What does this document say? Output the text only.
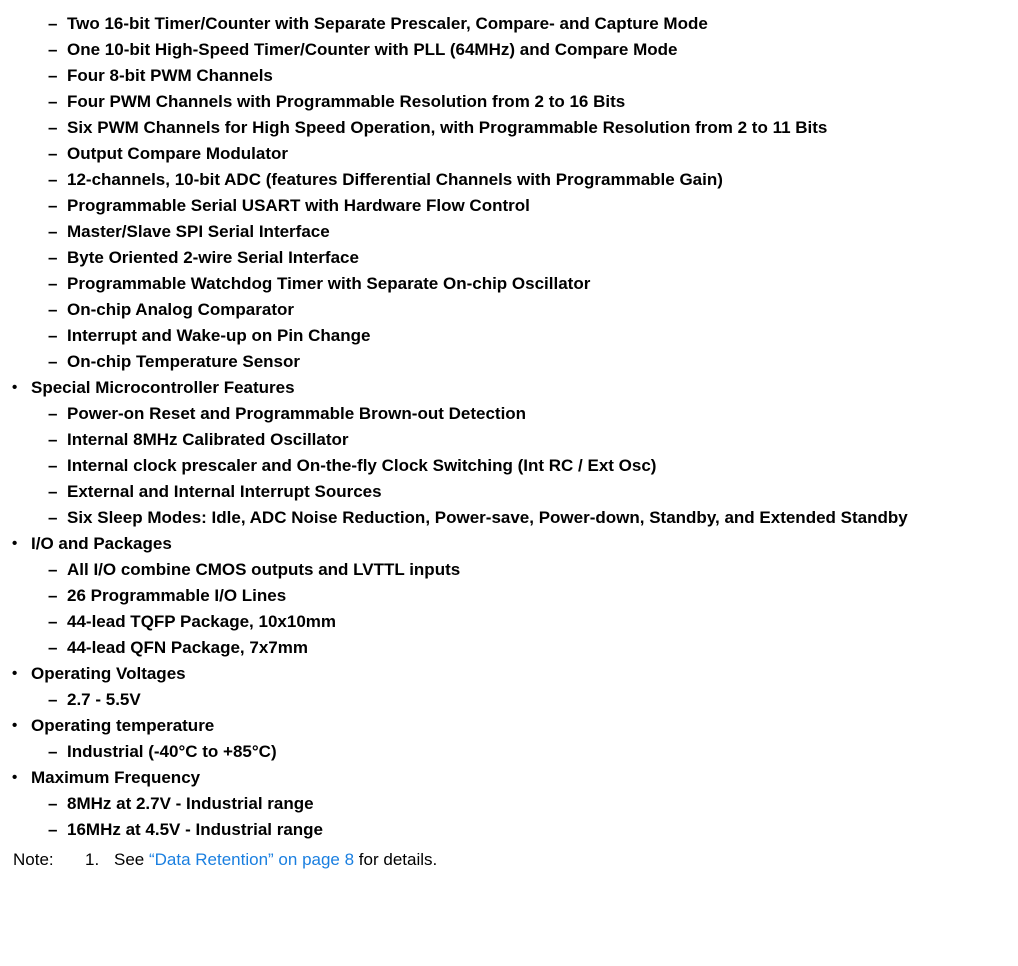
– Two 16-bit Timer/Counter with Separate Prescaler, Compare- and Capture Mode
– One 10-bit High-Speed Timer/Counter with PLL (64MHz) and Compare Mode
– Four 8-bit PWM Channels
– Four PWM Channels with Programmable Resolution from 2 to 16 Bits
– Six PWM Channels for High Speed Operation, with Programmable Resolution from 2 to 11 Bits
– Output Compare Modulator
– 12-channels, 10-bit ADC (features Differential Channels with Programmable Gain)
– Programmable Serial USART with Hardware Flow Control
– Master/Slave SPI Serial Interface
– Byte Oriented 2-wire Serial Interface
– Programmable Watchdog Timer with Separate On-chip Oscillator
– On-chip Analog Comparator
– Interrupt and Wake-up on Pin Change
– On-chip Temperature Sensor
• Special Microcontroller Features
– Power-on Reset and Programmable Brown-out Detection
– Internal 8MHz Calibrated Oscillator
– Internal clock prescaler and On-the-fly Clock Switching (Int RC / Ext Osc)
– External and Internal Interrupt Sources
– Six Sleep Modes: Idle, ADC Noise Reduction, Power-save, Power-down, Standby, and Extended Standby
• I/O and Packages
– All I/O combine CMOS outputs and LVTTL inputs
– 26 Programmable I/O Lines
– 44-lead TQFP Package, 10x10mm
– 44-lead QFN Package, 7x7mm
• Operating Voltages
– 2.7 - 5.5V
• Operating temperature
– Industrial (-40°C to +85°C)
• Maximum Frequency
– 8MHz at 2.7V - Industrial range
– 16MHz at 4.5V - Industrial range
Note: 1. See “Data Retention” on page 8 for details.
